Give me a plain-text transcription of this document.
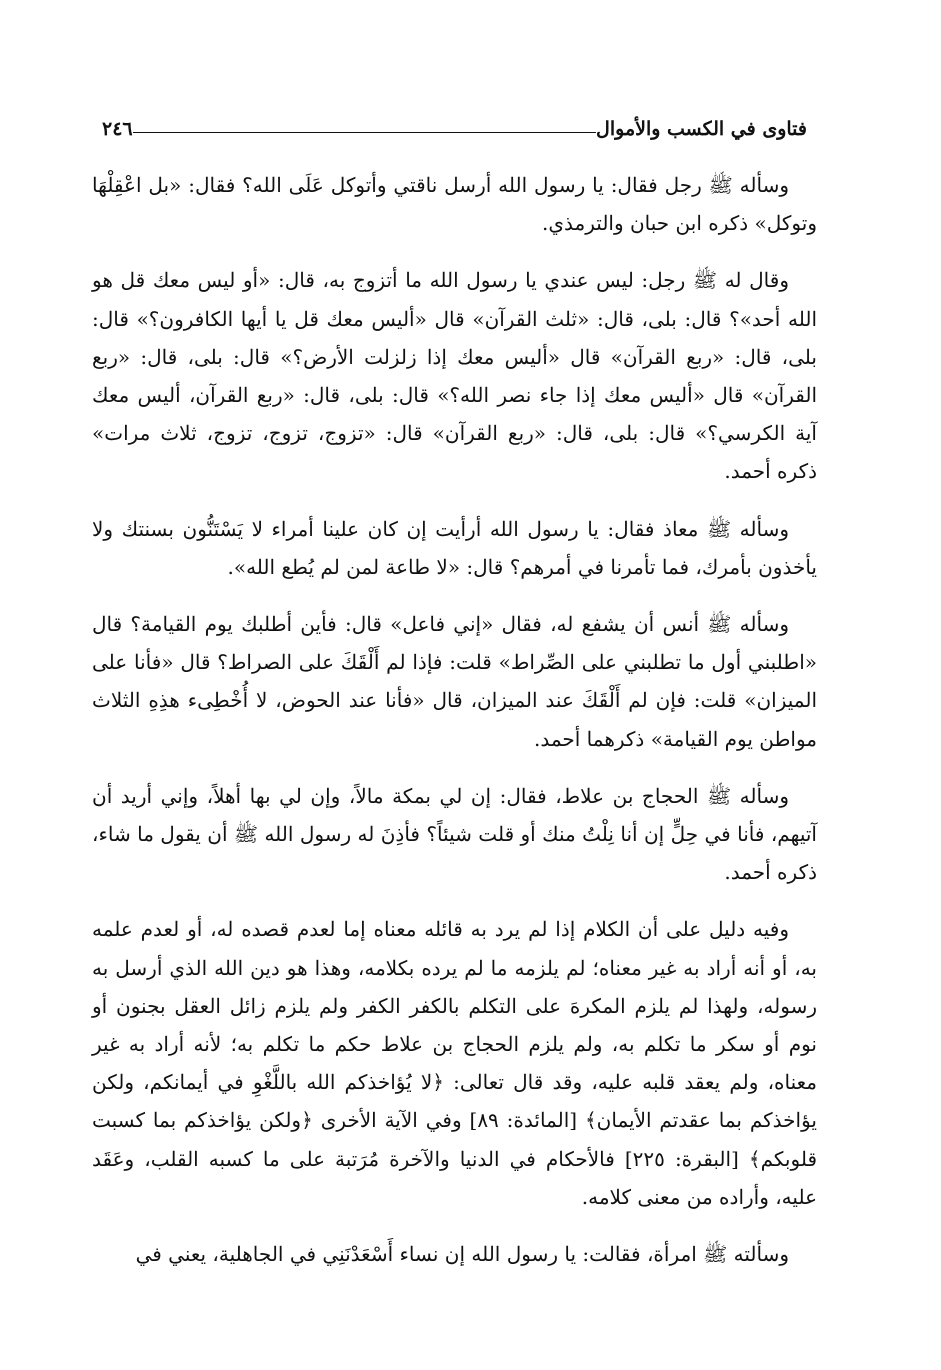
فتاوى في الكسب والأموال
٢٤٦

وسأله ﷺ رجل فقال: يا رسول الله أرسل ناقتي وأتوكل عَلَى الله؟ فقال: «بل اعْقِلْهَا وتوكل» ذكره ابن حبان والترمذي.

وقال له ﷺ رجل: ليس عندي يا رسول الله ما أتزوج به، قال: «أو ليس معك قل هو الله أحد»؟ قال: بلى، قال: «ثلث القرآن» قال «أليس معك قل يا أيها الكافرون؟» قال: بلى، قال: «ربع القرآن» قال «أليس معك إذا زلزلت الأرض؟» قال: بلى، قال: «ربع القرآن» قال «أليس معك إذا جاء نصر الله؟» قال: بلى، قال: «ربع القرآن، أليس معك آية الكرسي؟» قال: بلى، قال: «ربع القرآن» قال: «تزوج، تزوج، تزوج، ثلاث مرات» ذكره أحمد.

وسأله ﷺ معاذ فقال: يا رسول الله أرأيت إن كان علينا أمراء لا يَسْتَنُّون بسنتك ولا يأخذون بأمرك، فما تأمرنا في أمرهم؟ قال: «لا طاعة لمن لم يُطع الله».

وسأله ﷺ أنس أن يشفع له، فقال «إني فاعل» قال: فأين أطلبك يوم القيامة؟ قال «اطلبني أول ما تطلبني على الصِّراط» قلت: فإذا لم أَلْقَكَ على الصراط؟ قال «فأنا على الميزان» قلت: فإن لم أَلْقَكَ عند الميزان، قال «فأنا عند الحوض، لا أُخْطِىء هذِهِ الثلاث مواطن يوم القيامة» ذكرهما أحمد.

وسأله ﷺ الحجاج بن علاط، فقال: إن لي بمكة مالاً، وإن لي بها أهلاً، وإني أريد أن آتيهم، فأنا في حِلٍّ إن أنا نِلْتُ منك أو قلت شيئاً؟ فأذِنَ له رسول الله ﷺ أن يقول ما شاء، ذكره أحمد.

وفيه دليل على أن الكلام إذا لم يرد به قائله معناه إما لعدم قصده له، أو لعدم علمه به، أو أنه أراد به غير معناه؛ لم يلزمه ما لم يرده بكلامه، وهذا هو دين الله الذي أرسل به رسوله، ولهذا لم يلزم المكرهَ على التكلم بالكفر الكفر ولم يلزم زائل العقل بجنون أو نوم أو سكر ما تكلم به، ولم يلزم الحجاج بن علاط حكم ما تكلم به؛ لأنه أراد به غير معناه، ولم يعقد قلبه عليه، وقد قال تعالى: ﴿لا يُؤاخذكم الله باللَّغْوِ في أيمانكم، ولكن يؤاخذكم بما عقدتم الأيمان﴾ [المائدة: ٨٩] وفي الآية الأخرى ﴿ولكن يؤاخذكم بما كسبت قلوبكم﴾ [البقرة: ٢٢٥] فالأحكام في الدنيا والآخرة مُرَتبة على ما كسبه القلب، وعَقَد عليه، وأراده من معنى كلامه.

وسألته ﷺ امرأة، فقالت: يا رسول الله إن نساء أَسْعَدْنَنِي في الجاهلية، يعني في
